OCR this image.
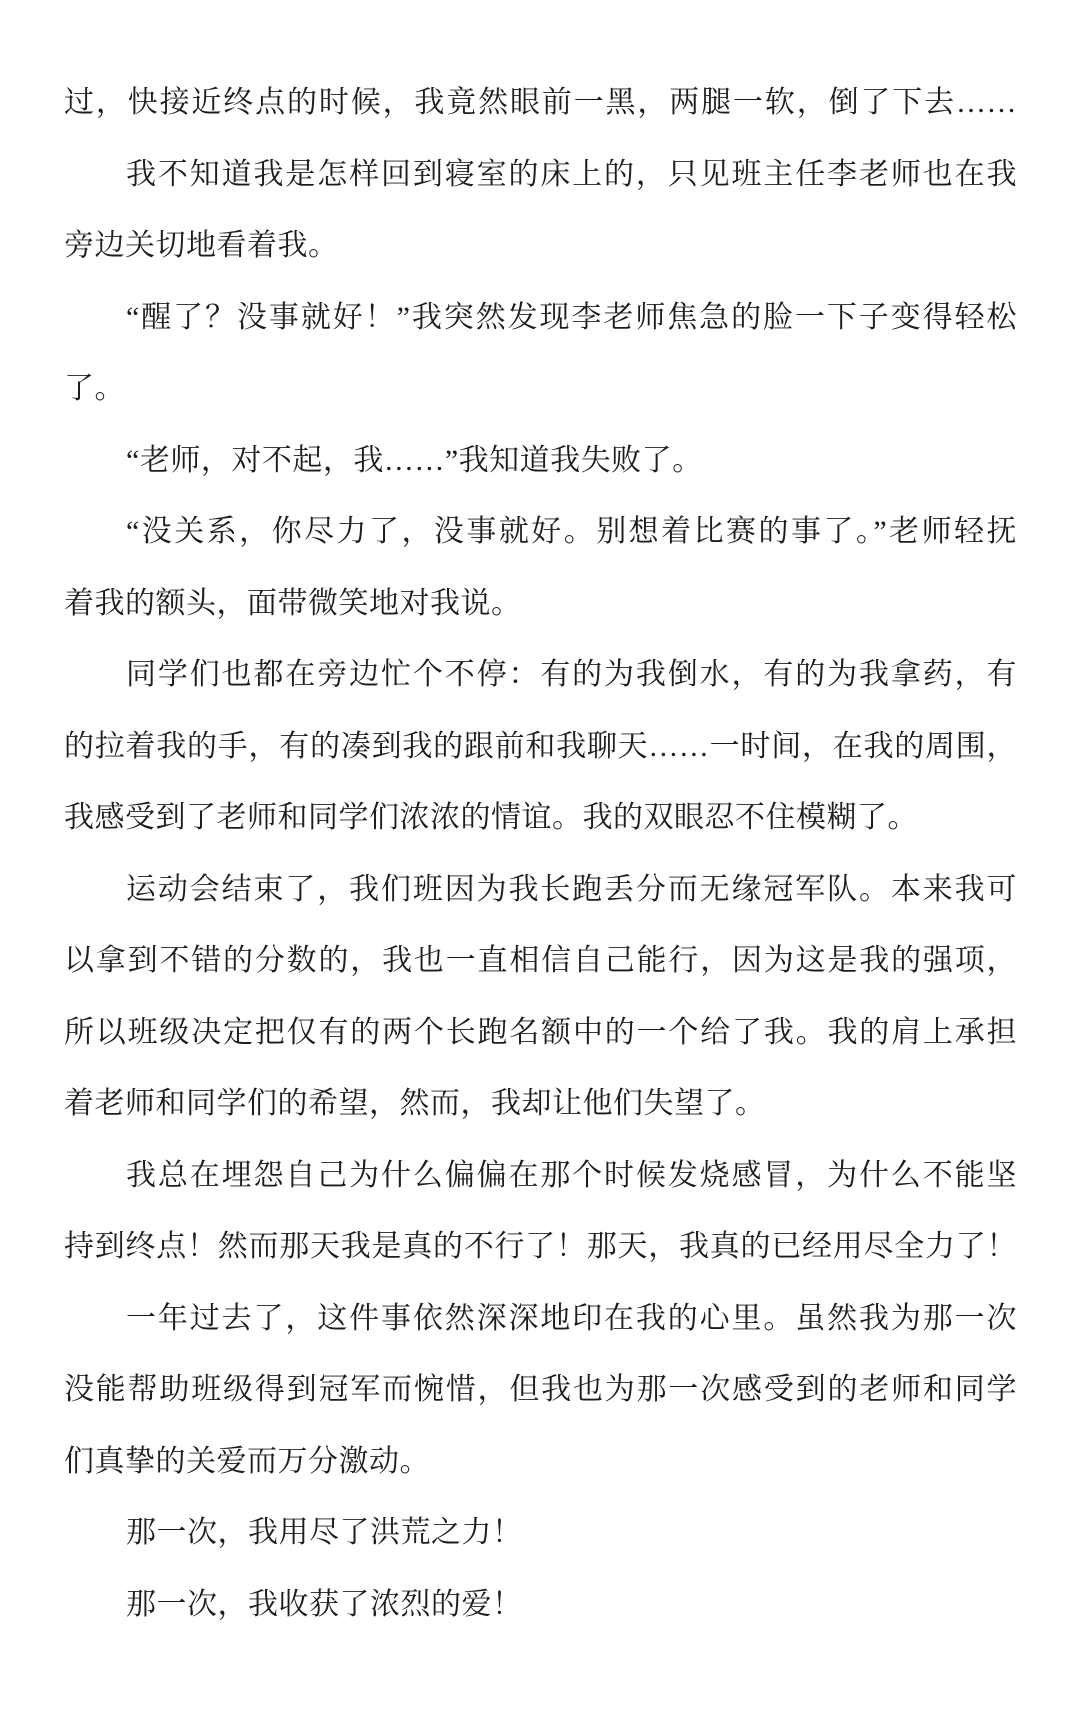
过，快接近终点的时候，我竟然眼前一黑，两腿一软，倒了下去……
我不知道我是怎样回到寝室的床上的，只见班主任李老师也在我
旁边关切地看着我。
“醒了？没事就好！”我突然发现李老师焦急的脸一下子变得轻松
了。
“老师，对不起，我……”我知道我失败了。
“没关系，你尽力了，没事就好。别想着比赛的事了。”老师轻抚
着我的额头，面带微笑地对我说。
同学们也都在旁边忙个不停：有的为我倒水，有的为我拿药，有
的拉着我的手，有的凑到我的跟前和我聊天……一时间，在我的周围，
我感受到了老师和同学们浓浓的情谊。我的双眼忍不住模糊了。
运动会结束了，我们班因为我长跑丢分而无缘冠军队。本来我可
以拿到不错的分数的，我也一直相信自己能行，因为这是我的强项，
所以班级决定把仅有的两个长跑名额中的一个给了我。我的肩上承担
着老师和同学们的希望，然而，我却让他们失望了。
我总在埋怨自己为什么偏偏在那个时候发烧感冒，为什么不能坚
持到终点！然而那天我是真的不行了！那天，我真的已经用尽全力了！
一年过去了，这件事依然深深地印在我的心里。虽然我为那一次
没能帮助班级得到冠军而惋惜，但我也为那一次感受到的老师和同学
们真挚的关爱而万分激动。
那一次，我用尽了洪荒之力！
那一次，我收获了浓烈的爱！
